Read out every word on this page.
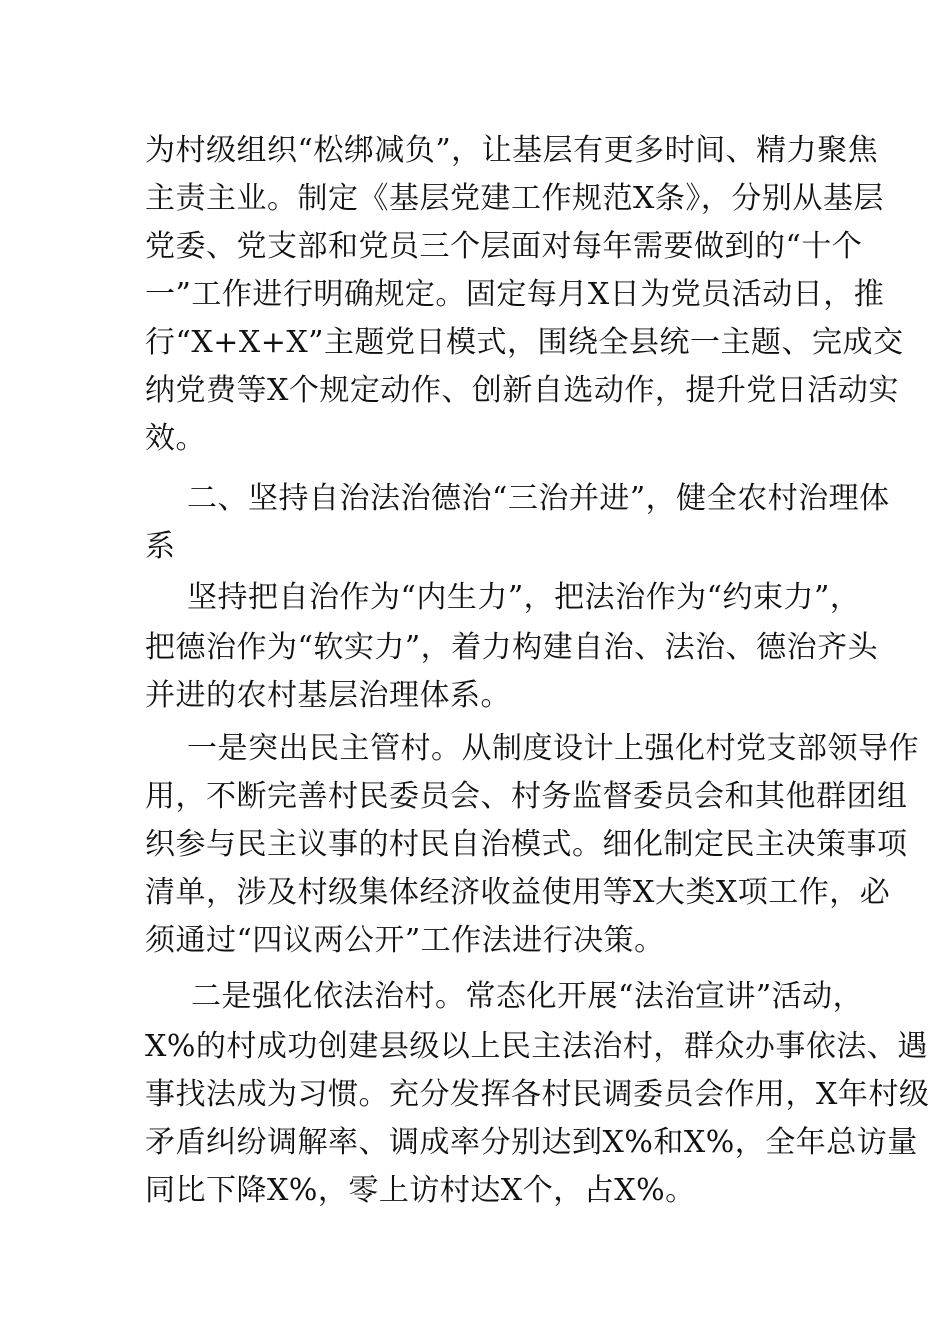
为村级组织“松绑减负”，让基层有更多时间、精力聚焦

主责主业。制定《基层党建工作规范X条》，分别从基层

党委、党支部和党员三个层面对每年需要做到的“十个

一”工作进行明确规定。固定每月X日为党员活动日，推

行“X+X+X”主题党日模式，围绕全县统一主题、完成交

纳党费等X个规定动作、创新自选动作，提升党日活动实

效。

二、坚持自治法治德治“三治并进”，健全农村治理体

系

坚持把自治作为“内生力”，把法治作为“约束力”，

把德治作为“软实力”，着力构建自治、法治、德治齐头

并进的农村基层治理体系。

一是突出民主管村。从制度设计上强化村党支部领导作

用，不断完善村民委员会、村务监督委员会和其他群团组

织参与民主议事的村民自治模式。细化制定民主决策事项

清单，涉及村级集体经济收益使用等X大类X项工作，必

须通过“四议两公开”工作法进行决策。

二是强化依法治村。常态化开展“法治宣讲”活动，

X%的村成功创建县级以上民主法治村，群众办事依法、遇

事找法成为习惯。充分发挥各村民调委员会作用，X年村级

矛盾纠纷调解率、调成率分别达到X%和X%，全年总访量

同比下降X%，零上访村达X个，占X%。
